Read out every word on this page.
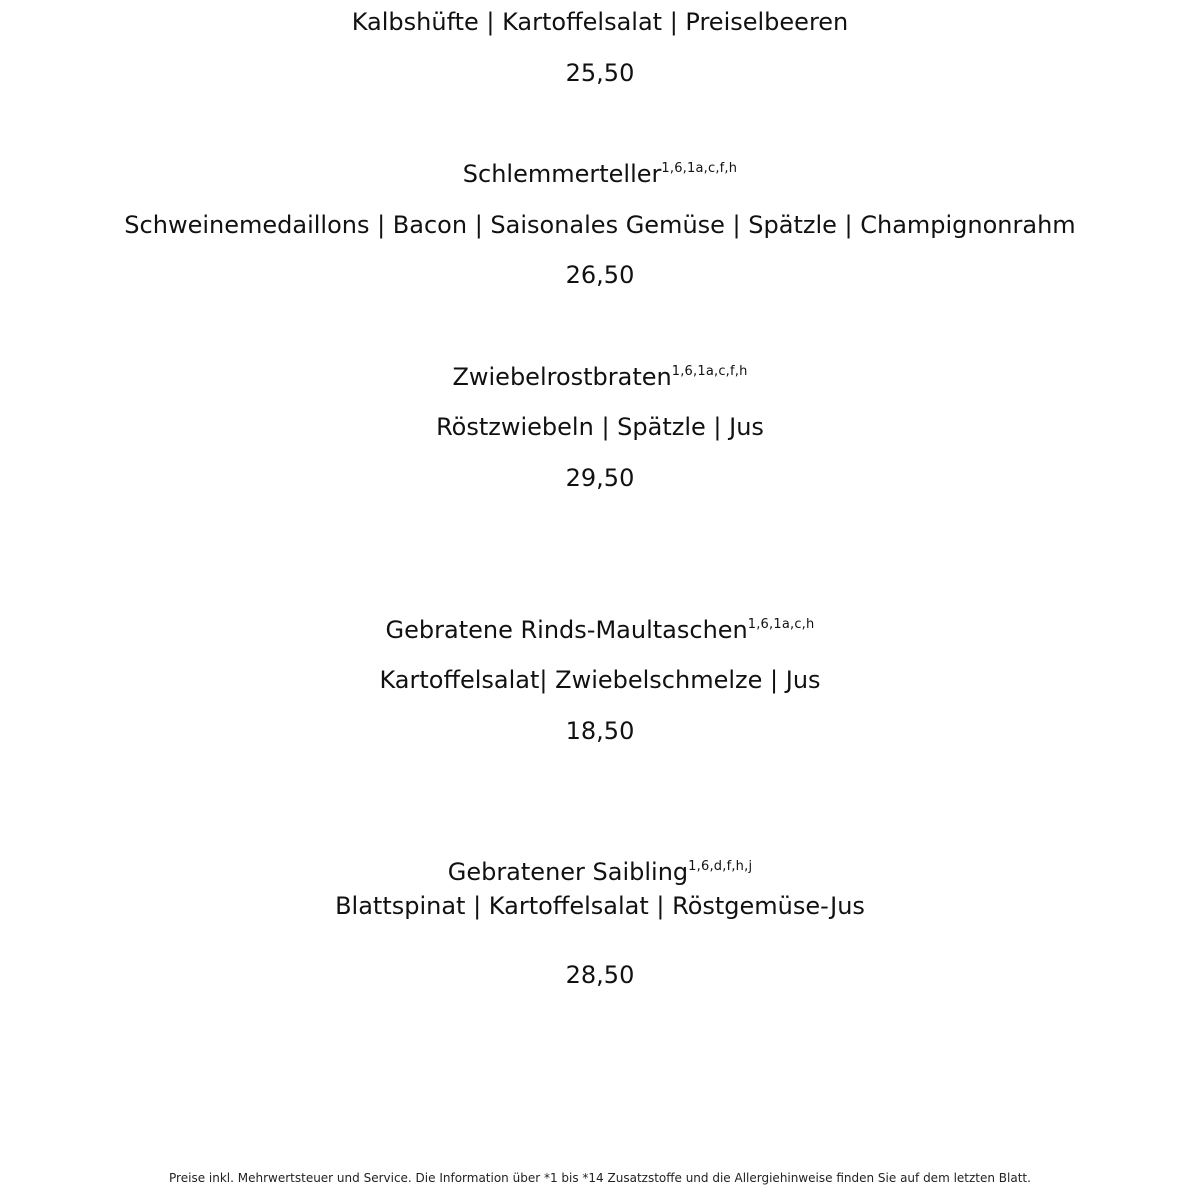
Kalbshüfte | Kartoffelsalat | Preiselbeeren
25,50
Schlemmerteller$^{1,6,1a,c,f,h}$
Schweinemedaillons | Bacon | Saisonales Gemüse | Spätzle | Champignonrahm
26,50
Zwiebelrostbraten$^{1,6,1a,c,f,h}$
Röstzwiebeln | Spätzle | Jus
29,50
Gebratene Rinds-Maultaschen$^{1,6,1a,c,h}$
Kartoffelsalat| Zwiebelschmelze | Jus
18,50
Gebratener Saibling$^{1,6,d,f,h,j}$
Blattspinat | Kartoffelsalat | Röstgemüse-Jus
28,50
Preise inkl. Mehrwertsteuer und Service. Die Information über *1 bis *14 Zusatzstoffe und die Allergiehinweise finden Sie auf dem letzten Blatt.
